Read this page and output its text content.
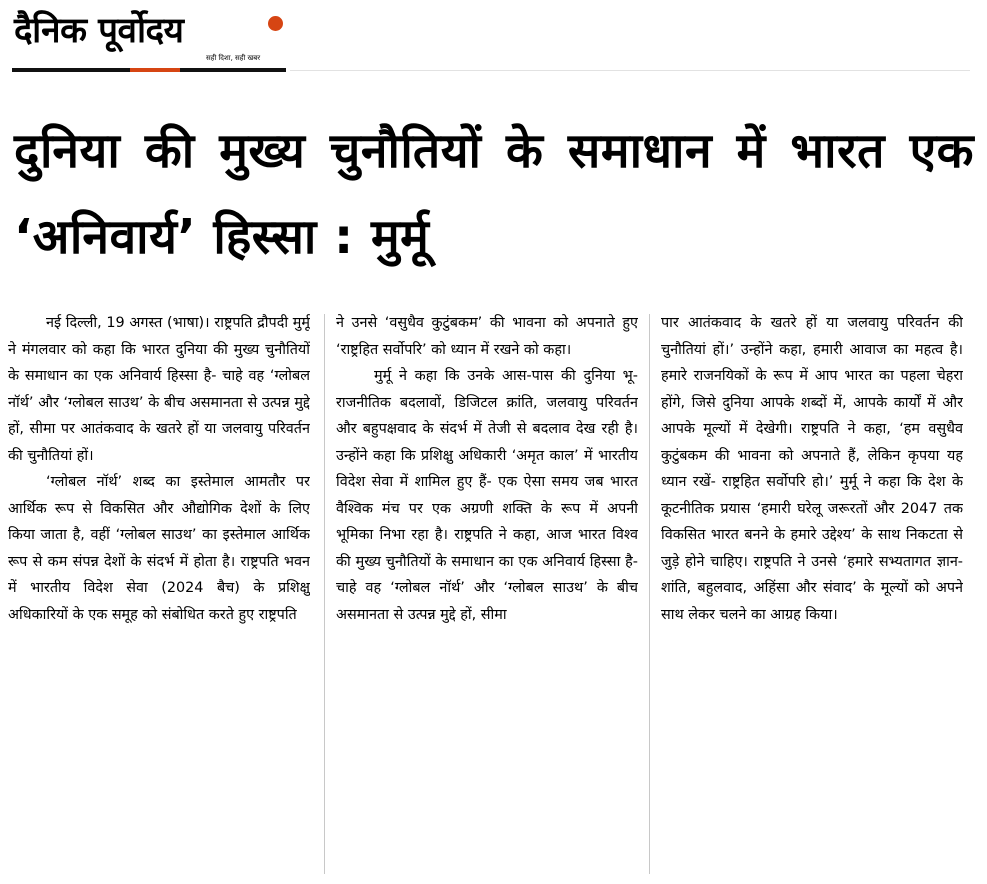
दैनिक पूर्वोदय
सही दिशा, सही खबर
दुनिया की मुख्य चुनौतियों के समाधान में भारत एक ‘अनिवार्य’ हिस्सा : मुर्मू

नई दिल्ली, 19 अगस्त (भाषा)। राष्ट्रपति द्रौपदी मुर्मू ने मंगलवार को कहा कि भारत दुनिया की मुख्य चुनौतियों के समाधान का एक अनिवार्य हिस्सा है- चाहे वह ‘ग्लोबल नॉर्थ’ और ‘ग्लोबल साउथ’ के बीच असमानता से उत्पन्न मुद्दे हों, सीमा पर आतंकवाद के खतरे हों या जलवायु परिवर्तन की चुनौतियां हों।

‘ग्लोबल नॉर्थ’ शब्द का इस्तेमाल आमतौर पर आर्थिक रूप से विकसित और औद्योगिक देशों के लिए किया जाता है, वहीं ‘ग्लोबल साउथ’ का इस्तेमाल आर्थिक रूप से कम संपन्न देशों के संदर्भ में होता है। राष्ट्रपति भवन में भारतीय विदेश सेवा (2024 बैच) के प्रशिक्षु अधिकारियों के एक समूह को संबोधित करते हुए राष्ट्रपति

ने उनसे ‘वसुधैव कुटुंबकम’ की भावना को अपनाते हुए ‘राष्ट्रहित सर्वोपरि’ को ध्यान में रखने को कहा।

मुर्मू ने कहा कि उनके आस-पास की दुनिया भू-राजनीतिक बदलावों, डिजिटल क्रांति, जलवायु परिवर्तन और बहुपक्षवाद के संदर्भ में तेजी से बदलाव देख रही है। उन्होंने कहा कि प्रशिक्षु अधिकारी ‘अमृत काल’ में भारतीय विदेश सेवा में शामिल हुए हैं- एक ऐसा समय जब भारत वैश्विक मंच पर एक अग्रणी शक्ति के रूप में अपनी भूमिका निभा रहा है। राष्ट्रपति ने कहा, आज भारत विश्व की मुख्य चुनौतियों के समाधान का एक अनिवार्य हिस्सा है- चाहे वह ‘ग्लोबल नॉर्थ’ और ‘ग्लोबल साउथ’ के बीच असमानता से उत्पन्न मुद्दे हों, सीमा

पार आतंकवाद के खतरे हों या जलवायु परिवर्तन की चुनौतियां हों।’ उन्होंने कहा, हमारी आवाज का महत्व है। हमारे राजनयिकों के रूप में आप भारत का पहला चेहरा होंगे, जिसे दुनिया आपके शब्दों में, आपके कार्यों में और आपके मूल्यों में देखेगी। राष्ट्रपति ने कहा, ‘हम वसुधैव कुटुंबकम की भावना को अपनाते हैं, लेकिन कृपया यह ध्यान रखें- राष्ट्रहित सर्वोपरि हो।’ मुर्मू ने कहा कि देश के कूटनीतिक प्रयास ‘हमारी घरेलू जरूरतों और 2047 तक विकसित भारत बनने के हमारे उद्देश्य’ के साथ निकटता से जुड़े होने चाहिए। राष्ट्रपति ने उनसे ‘हमारे सभ्यतागत ज्ञान-शांति, बहुलवाद, अहिंसा और संवाद’ के मूल्यों को अपने साथ लेकर चलने का आग्रह किया।
